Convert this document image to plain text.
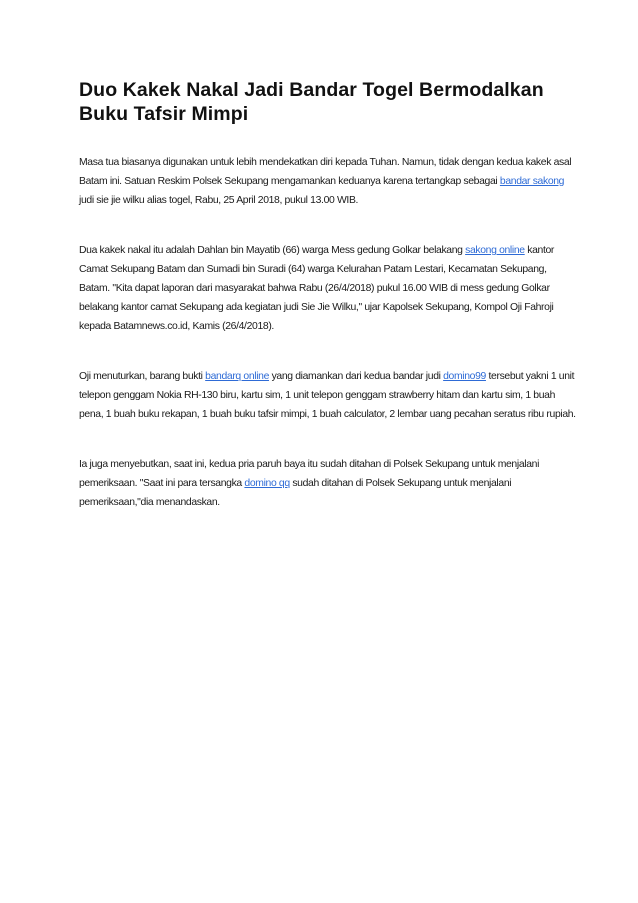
Duo Kakek Nakal Jadi Bandar Togel Bermodalkan Buku Tafsir Mimpi

Masa tua biasanya digunakan untuk lebih mendekatkan diri kepada Tuhan. Namun, tidak dengan kedua kakek asal Batam ini. Satuan Reskim Polsek Sekupang mengamankan keduanya karena tertangkap sebagai bandar sakong judi sie jie wilku alias togel, Rabu, 25 April 2018, pukul 13.00 WIB.

Dua kakek nakal itu adalah Dahlan bin Mayatib (66) warga Mess gedung Golkar belakang sakong online kantor Camat Sekupang Batam dan Sumadi bin Suradi (64) warga Kelurahan Patam Lestari, Kecamatan Sekupang, Batam. "Kita dapat laporan dari masyarakat bahwa Rabu (26/4/2018) pukul 16.00 WIB di mess gedung Golkar belakang kantor camat Sekupang ada kegiatan judi Sie Jie Wilku," ujar Kapolsek Sekupang, Kompol Oji Fahroji kepada Batamnews.co.id, Kamis (26/4/2018).

Oji menuturkan, barang bukti bandarq online yang diamankan dari kedua bandar judi domino99 tersebut yakni 1 unit telepon genggam Nokia RH-130 biru, kartu sim, 1 unit telepon genggam strawberry hitam dan kartu sim, 1 buah pena, 1 buah buku rekapan, 1 buah buku tafsir mimpi, 1 buah calculator, 2 lembar uang pecahan seratus ribu rupiah.

Ia juga menyebutkan, saat ini, kedua pria paruh baya itu sudah ditahan di Polsek Sekupang untuk menjalani pemeriksaan. "Saat ini para tersangka domino qq sudah ditahan di Polsek Sekupang untuk menjalani pemeriksaan,"dia menandaskan.
